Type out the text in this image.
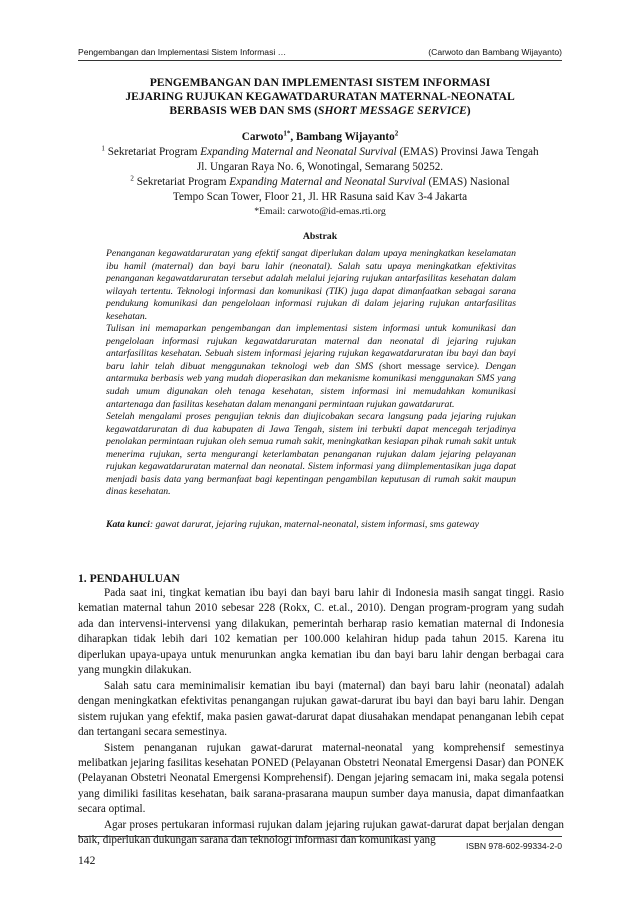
Pengembangan dan Implementasi Sistem Informasi …	(Carwoto dan Bambang Wijayanto)
PENGEMBANGAN DAN IMPLEMENTASI SISTEM INFORMASI
JEJARING RUJUKAN KEGAWATDARURATAN MATERNAL-NEONATAL
BERBASIS WEB DAN SMS (SHORT MESSAGE SERVICE)
Carwoto$^{1*}$, Bambang Wijayanto$^2$
$^1$ Sekretariat Program Expanding Maternal and Neonatal Survival (EMAS) Provinsi Jawa Tengah
Jl. Ungaran Raya No. 6, Wonotingal, Semarang 50252.
$^2$ Sekretariat Program Expanding Maternal and Neonatal Survival (EMAS) Nasional
Tempo Scan Tower, Floor 21, Jl. HR Rasuna said Kav 3-4 Jakarta
*Email: carwoto@id-emas.rti.org
Abstrak

Penanganan kegawatdaruratan yang efektif sangat diperlukan dalam upaya meningkatkan keselamatan ibu hamil (maternal) dan bayi baru lahir (neonatal). Salah satu upaya meningkatkan efektivitas penanganan kegawatdaruratan tersebut adalah melalui jejaring rujukan antarfasilitas kesehatan dalam wilayah tertentu. Teknologi informasi dan komunikasi (TIK) juga dapat dimanfaatkan sebagai sarana pendukung komunikasi dan pengelolaan informasi rujukan di dalam jejaring rujukan antarfasilitas kesehatan.

Tulisan ini memaparkan pengembangan dan implementasi sistem informasi untuk komunikasi dan pengelolaan informasi rujukan kegawatdaruratan maternal dan neonatal di jejaring rujukan antarfasilitas kesehatan. Sebuah sistem informasi jejaring rujukan kegawatdaruratan ibu bayi dan bayi baru lahir telah dibuat menggunakan teknologi web dan SMS (short message service). Dengan antarmuka berbasis web yang mudah dioperasikan dan mekanisme komunikasi menggunakan SMS yang sudah umum digunakan oleh tenaga kesehatan, sistem informasi ini memudahkan komunikasi antartenaga dan fasilitas kesehatan dalam menangani permintaan rujukan gawatdarurat.

Setelah mengalami proses pengujian teknis dan diujicobakan secara langsung pada jejaring rujukan kegawatdaruratan di dua kabupaten di Jawa Tengah, sistem ini terbukti dapat mencegah terjadinya penolakan permintaan rujukan oleh semua rumah sakit, meningkatkan kesiapan pihak rumah sakit untuk menerima rujukan, serta mengurangi keterlambatan penanganan rujukan dalam jejaring pelayanan rujukan kegawatdaruratan maternal dan neonatal. Sistem informasi yang diimplementasikan juga dapat menjadi basis data yang bermanfaat bagi kepentingan pengambilan keputusan di rumah sakit maupun dinas kesehatan.

Kata kunci: gawat darurat, jejaring rujukan, maternal-neonatal, sistem informasi, sms gateway
1. PENDAHULUAN

Pada saat ini, tingkat kematian ibu bayi dan bayi baru lahir di Indonesia masih sangat tinggi. Rasio kematian maternal tahun 2010 sebesar 228 (Rokx, C. et.al., 2010). Dengan program-program yang sudah ada dan intervensi-intervensi yang dilakukan, pemerintah berharap rasio kematian maternal di Indonesia diharapkan tidak lebih dari 102 kematian per 100.000 kelahiran hidup pada tahun 2015. Karena itu diperlukan upaya-upaya untuk menurunkan angka kematian ibu dan bayi baru lahir dengan berbagai cara yang mungkin dilakukan.

Salah satu cara meminimalisir kematian ibu bayi (maternal) dan bayi baru lahir (neonatal) adalah dengan meningkatkan efektivitas penangangan rujukan gawat-darurat ibu bayi dan bayi baru lahir. Dengan sistem rujukan yang efektif, maka pasien gawat-darurat dapat diusahakan mendapat penanganan lebih cepat dan tertangani secara semestinya.

Sistem penanganan rujukan gawat-darurat maternal-neonatal yang komprehensif semestinya melibatkan jejaring fasilitas kesehatan PONED (Pelayanan Obstetri Neonatal Emergensi Dasar) dan PONEK (Pelayanan Obstetri Neonatal Emergensi Komprehensif). Dengan jejaring semacam ini, maka segala potensi yang dimiliki fasilitas kesehatan, baik sarana-prasarana maupun sumber daya manusia, dapat dimanfaatkan secara optimal.

Agar proses pertukaran informasi rujukan dalam jejaring rujukan gawat-darurat dapat berjalan dengan baik, diperlukan dukungan sarana dan teknologi informasi dan komunikasi yang	ISBN 978-602-99334-2-0
142
